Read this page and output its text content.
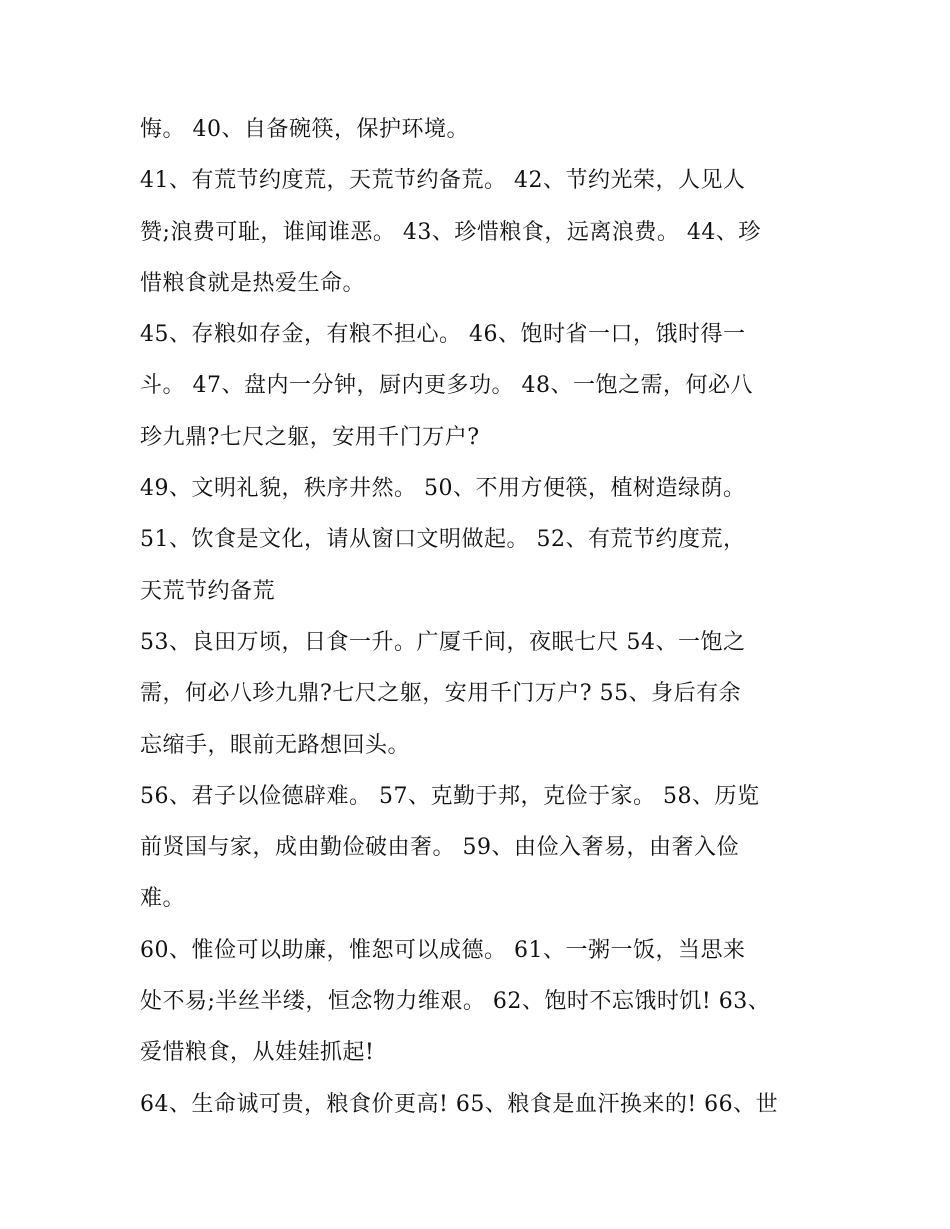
悔。 40、自备碗筷，保护环境。
41、有荒节约度荒，天荒节约备荒。 42、节约光荣，人见人
赞;浪费可耻，谁闻谁恶。 43、珍惜粮食，远离浪费。 44、珍
惜粮食就是热爱生命。
45、存粮如存金，有粮不担心。 46、饱时省一口，饿时得一
斗。 47、盘内一分钟，厨内更多功。 48、一饱之需，何必八
珍九鼎?七尺之躯，安用千门万户?
49、文明礼貌，秩序井然。 50、不用方便筷，植树造绿荫。
51、饮食是文化，请从窗口文明做起。 52、有荒节约度荒，
天荒节约备荒
53、良田万顷，日食一升。广厦千间，夜眠七尺 54、一饱之
需，何必八珍九鼎?七尺之躯，安用千门万户? 55、身后有余
忘缩手，眼前无路想回头。
56、君子以俭德辟难。 57、克勤于邦，克俭于家。 58、历览
前贤国与家，成由勤俭破由奢。 59、由俭入奢易，由奢入俭
难。
60、惟俭可以助廉，惟恕可以成德。 61、一粥一饭，当思来
处不易;半丝半缕，恒念物力维艰。 62、饱时不忘饿时饥! 63、
爱惜粮食，从娃娃抓起!
64、生命诚可贵，粮食价更高! 65、粮食是血汗换来的! 66、世
